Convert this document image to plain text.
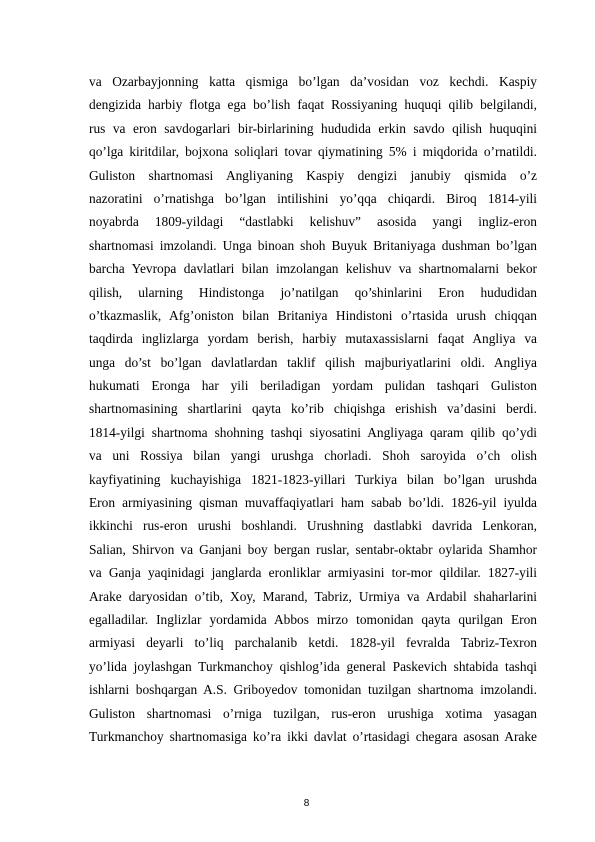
va Ozarbayjonning katta qismiga bo’lgan da’vosidan voz kechdi. Kaspiy
dengizida harbiy flotga ega bo’lish faqat Rossiyaning huquqi qilib belgilandi,
rus va eron savdogarlari bir-birlarining hududida erkin savdo qilish huquqini
qo’lga kiritdilar, bojxona soliqlari tovar qiymatining 5% i miqdorida o’rnatildi.
Guliston shartnomasi Angliyaning Kaspiy dengizi janubiy qismida o’z
nazoratini o’rnatishga bo’lgan intilishini yo’qqa chiqardi. Biroq 1814-yili
noyabrda 1809-yildagi “dastlabki kelishuv” asosida yangi ingliz-eron
shartnomasi imzolandi. Unga binoan shoh Buyuk Britaniyaga dushman bo’lgan
barcha Yevropa davlatlari bilan imzolangan kelishuv va shartnomalarni bekor
qilish, ularning Hindistonga jo’natilgan qo’shinlarini Eron hududidan
o’tkazmaslik, Afg’oniston bilan Britaniya Hindistoni o’rtasida urush chiqqan
taqdirda inglizlarga yordam berish, harbiy mutaxassislarni faqat Angliya va
unga do’st bo’lgan davlatlardan taklif qilish majburiyatlarini oldi. Angliya
hukumati Eronga har yili beriladigan yordam pulidan tashqari Guliston
shartnomasining shartlarini qayta ko’rib chiqishga erishish va’dasini berdi.
1814-yilgi shartnoma shohning tashqi siyosatini Angliyaga qaram qilib qo’ydi
va uni Rossiya bilan yangi urushga chorladi. Shoh saroyida o’ch olish
kayfiyatining kuchayishiga 1821-1823-yillari Turkiya bilan bo’lgan urushda
Eron armiyasining qisman muvaffaqiyatlari ham sabab bo’ldi. 1826-yil iyulda
ikkinchi rus-eron urushi boshlandi. Urushning dastlabki davrida Lenkoran,
Salian, Shirvon va Ganjani boy bergan ruslar, sentabr-oktabr oylarida Shamhor
va Ganja yaqinidagi janglarda eronliklar armiyasini tor-mor qildilar. 1827-yili
Arake daryosidan o’tib, Xoy, Marand, Tabriz, Urmiya va Ardabil shaharlarini
egalladilar. Inglizlar yordamida Abbos mirzo tomonidan qayta qurilgan Eron
armiyasi deyarli to’liq parchalanib ketdi. 1828-yil fevralda Tabriz-Texron
yo’lida joylashgan Turkmanchoy qishlog’ida general Paskevich shtabida tashqi
ishlarni boshqargan A.S. Griboyedov tomonidan tuzilgan shartnoma imzolandi.
Guliston shartnomasi o’rniga tuzilgan, rus-eron urushiga xotima yasagan
Turkmanchoy shartnomasiga ko’ra ikki davlat o’rtasidagi chegara asosan Arake
8
